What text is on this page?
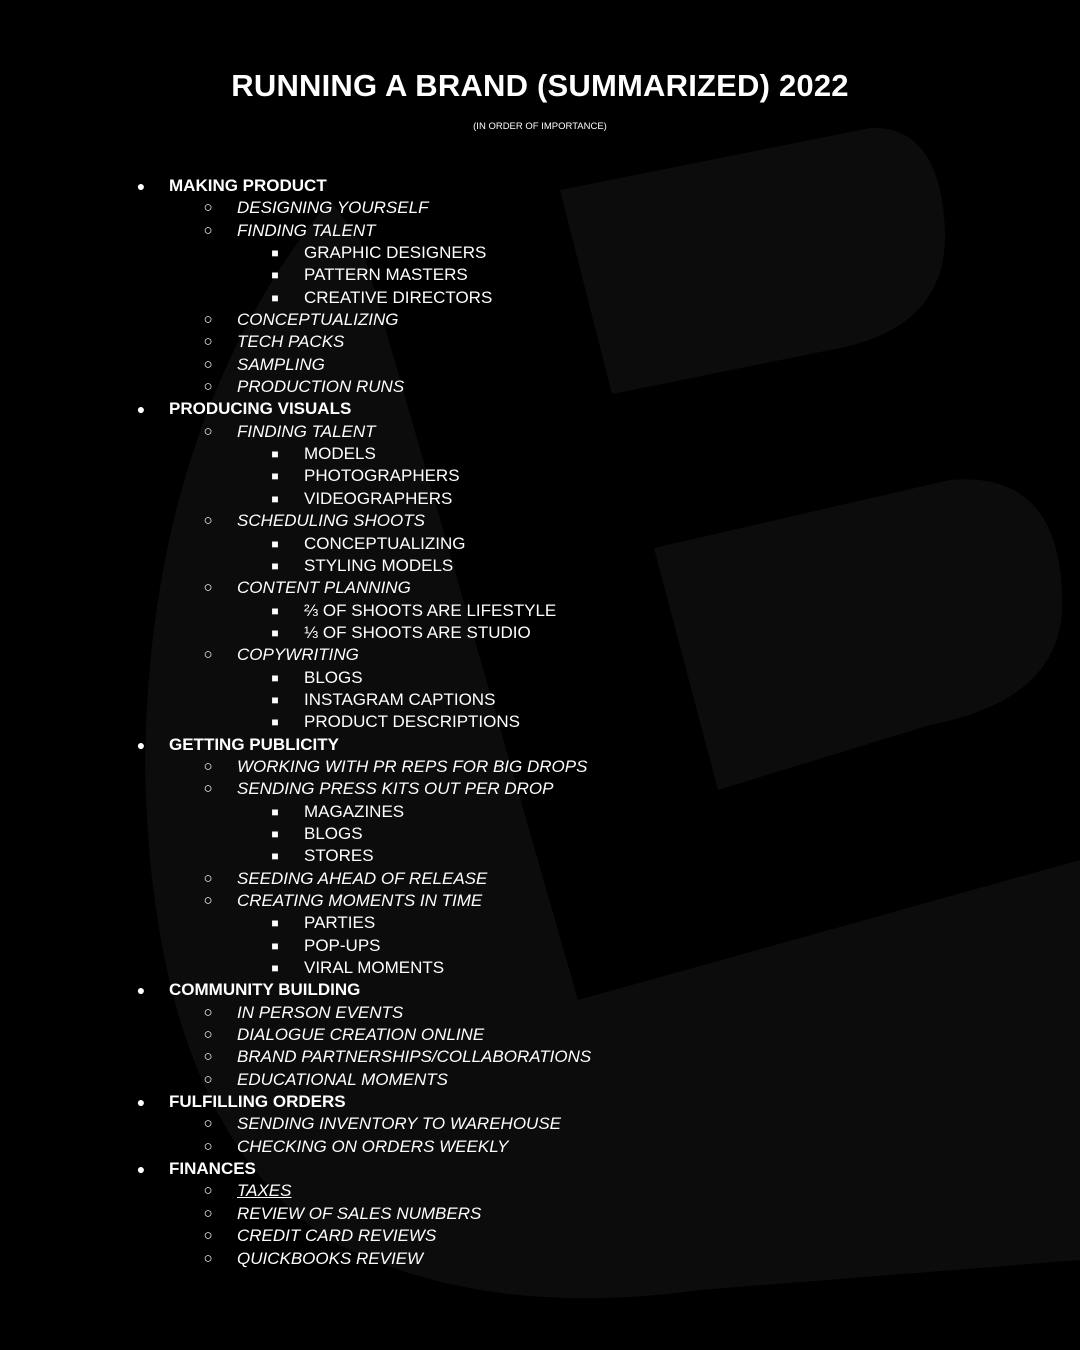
RUNNING A BRAND (SUMMARIZED) 2022
(IN ORDER OF IMPORTANCE)
●	MAKING PRODUCT
○	DESIGNING YOURSELF
○	FINDING TALENT
■	GRAPHIC DESIGNERS
■	PATTERN MASTERS
■	CREATIVE DIRECTORS
○	CONCEPTUALIZING
○	TECH PACKS
○	SAMPLING
○	PRODUCTION RUNS
●	PRODUCING VISUALS
○	FINDING TALENT
■	MODELS
■	PHOTOGRAPHERS
■	VIDEOGRAPHERS
○	SCHEDULING SHOOTS
■	CONCEPTUALIZING
■	STYLING MODELS
○	CONTENT PLANNING
■	⅔ OF SHOOTS ARE LIFESTYLE
■	⅓ OF SHOOTS ARE STUDIO
○	COPYWRITING
■	BLOGS
■	INSTAGRAM CAPTIONS
■	PRODUCT DESCRIPTIONS
●	GETTING PUBLICITY
○	WORKING WITH PR REPS FOR BIG DROPS
○	SENDING PRESS KITS OUT PER DROP
■	MAGAZINES
■	BLOGS
■	STORES
○	SEEDING AHEAD OF RELEASE
○	CREATING MOMENTS IN TIME
■	PARTIES
■	POP-UPS
■	VIRAL MOMENTS
●	COMMUNITY BUILDING
○	IN PERSON EVENTS
○	DIALOGUE CREATION ONLINE
○	BRAND PARTNERSHIPS/COLLABORATIONS
○	EDUCATIONAL MOMENTS
●	FULFILLING ORDERS
○	SENDING INVENTORY TO WAREHOUSE
○	CHECKING ON ORDERS WEEKLY
●	FINANCES
○	TAXES
○	REVIEW OF SALES NUMBERS
○	CREDIT CARD REVIEWS
○	QUICKBOOKS REVIEW
